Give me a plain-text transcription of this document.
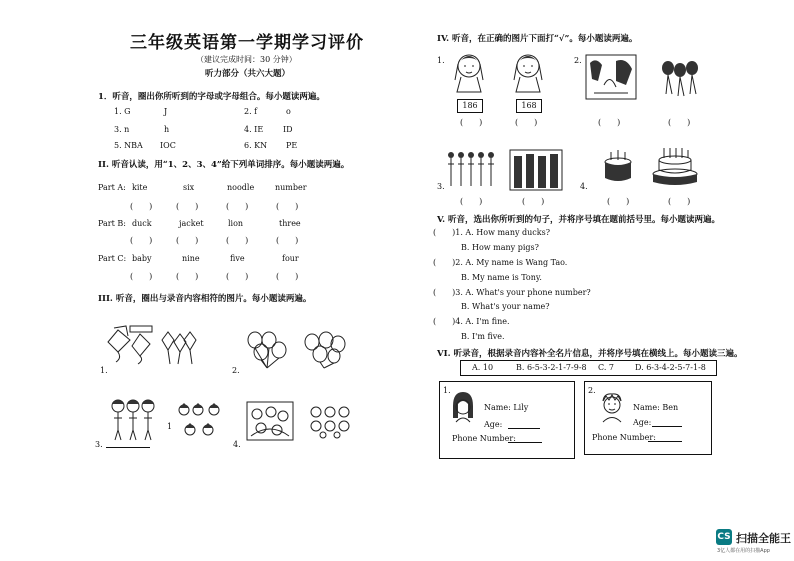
三年级英语第一学期学习评价
（建议完成时间：30 分钟）
听力部分（共六大题）
1．听音，圈出你所听到的字母或字母组合。每小题读两遍。
1. G	J	2. f	o
3. n	h	4. IE ID
5. NBA IOC	6. KN PE
II. 听音认读，用“1、2、3、4”给下列单词排序。每小题读两遍。
Part A: kite	six	noodle	number
(　　)	(　　)	(　　)	(　　)
Part B: duck	jacket	lion	three
(　　)	(　　)	(　　)	(　　)
Part C: baby	nine	five	four
(　　)	(　　)	(　　)	(　　)
III. 听音，圈出与录音内容相符的图片。每小题读两遍。
1.	2.
3.
1
4.
IV. 听音，在正确的图片下面打“√”。每小题读两遍。
1.
186	168
(　　)	(　　)
2.
(　　)	(　　)
3.
(　　)	(　　)
4.
(　　)	(　　)
V. 听音，选出你所听到的句子，并将序号填在题前括号里。每小题读两遍。
(　　)1. A. How many ducks?
B. How many pigs?
(　　)2. A. My name is Wang Tao.
B. My name is Tony.
(　　)3. A. What's your phone number?
B. What's your name?
(　　)4. A. I'm fine.
B. I'm five.
VI. 听录音，根据录音内容补全名片信息，并将序号填在横线上。每小题读三遍。
A. 10	B. 6-5-3-2-1-7-9-8 C. 7	D. 6-3-4-2-5-7-1-8
1.
Name: Lily
Age:
Phone Number:
2.
Name: Ben
Age:
Phone Number:
CS 扫描全能王
3亿人都在用的扫描App
